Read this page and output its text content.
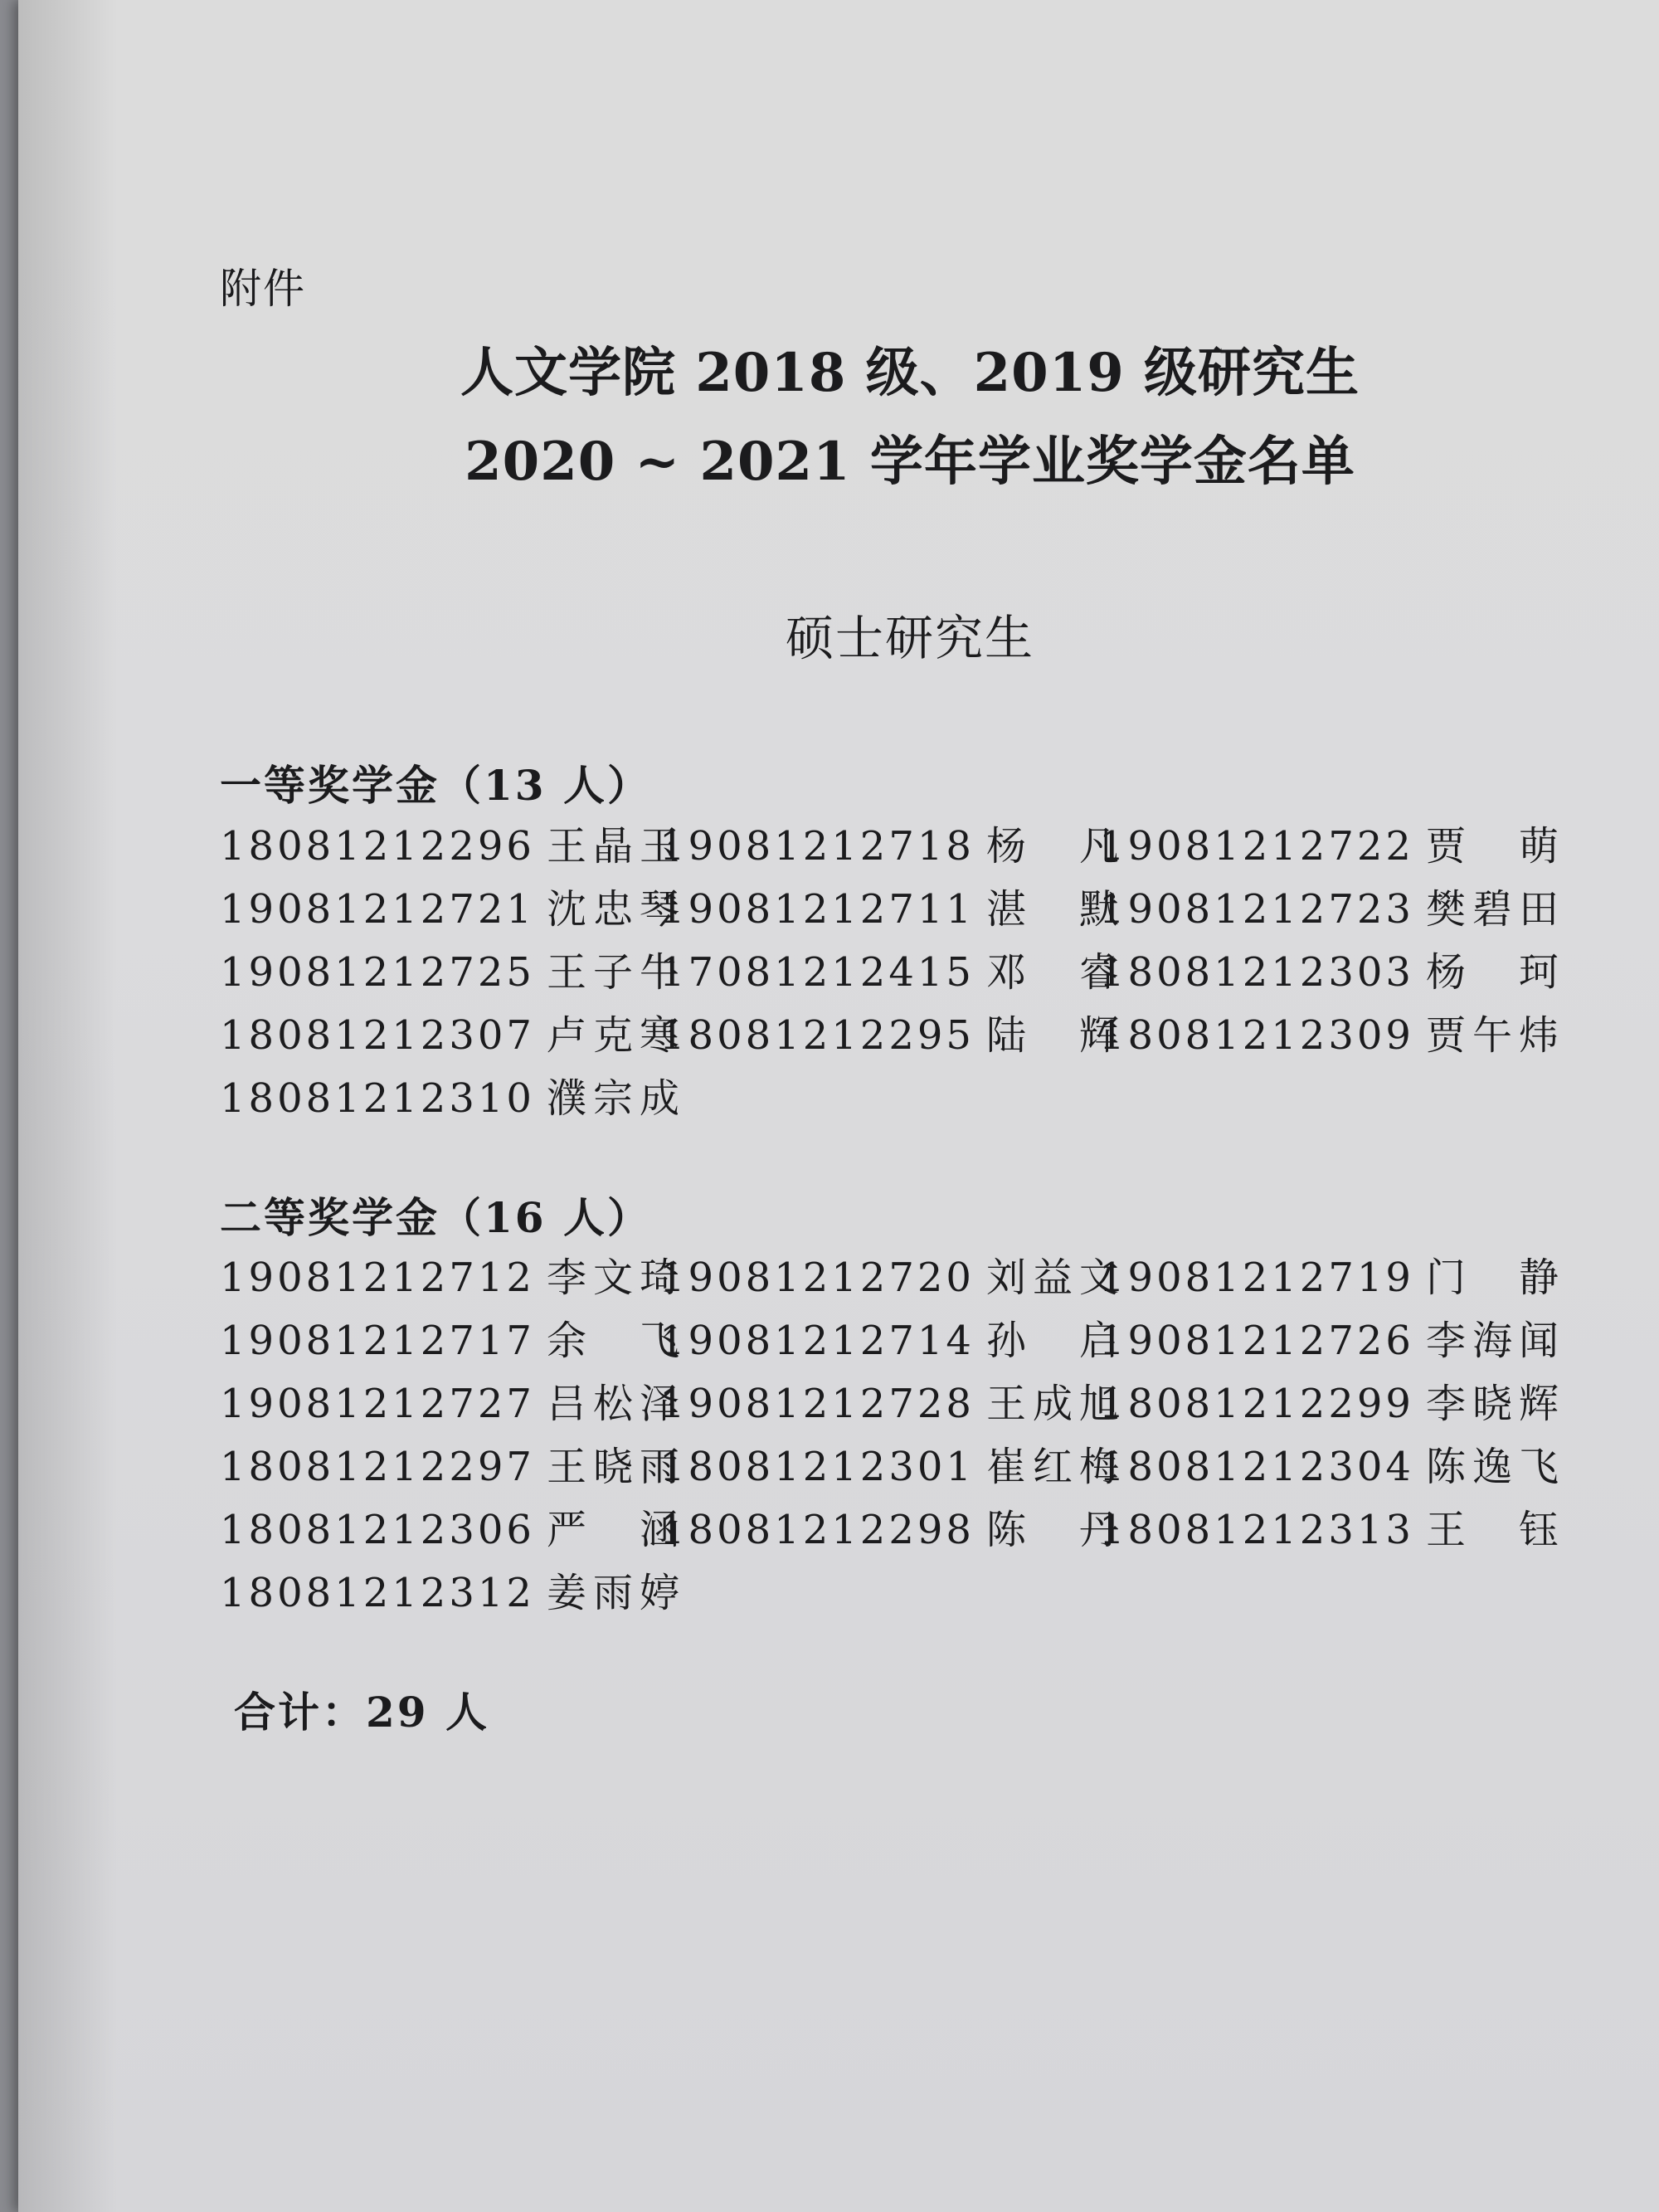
附件
人文学院 2018 级、2019 级研究生
2020 ~ 2021 学年学业奖学金名单
硕士研究生
一等奖学金（13 人）
18081212296 王晶玉
19081212718 杨　凡
19081212722 贾　萌
19081212721 沈忠琴
19081212711 湛　默
19081212723 樊碧田
19081212725 王子牛
17081212415 邓　睿
18081212303 杨　珂
18081212307 卢克寒
18081212295 陆　辉
18081212309 贾午炜
18081212310 濮宗成
二等奖学金（16 人）
19081212712 李文琦
19081212720 刘益文
19081212719 门　静
19081212717 余　飞
19081212714 孙　启
19081212726 李海闻
19081212727 吕松泽
19081212728 王成旭
18081212299 李晓辉
18081212297 王晓雨
18081212301 崔红梅
18081212304 陈逸飞
18081212306 严　涵
18081212298 陈　丹
18081212313 王　钰
18081212312 姜雨婷
合计：29 人
